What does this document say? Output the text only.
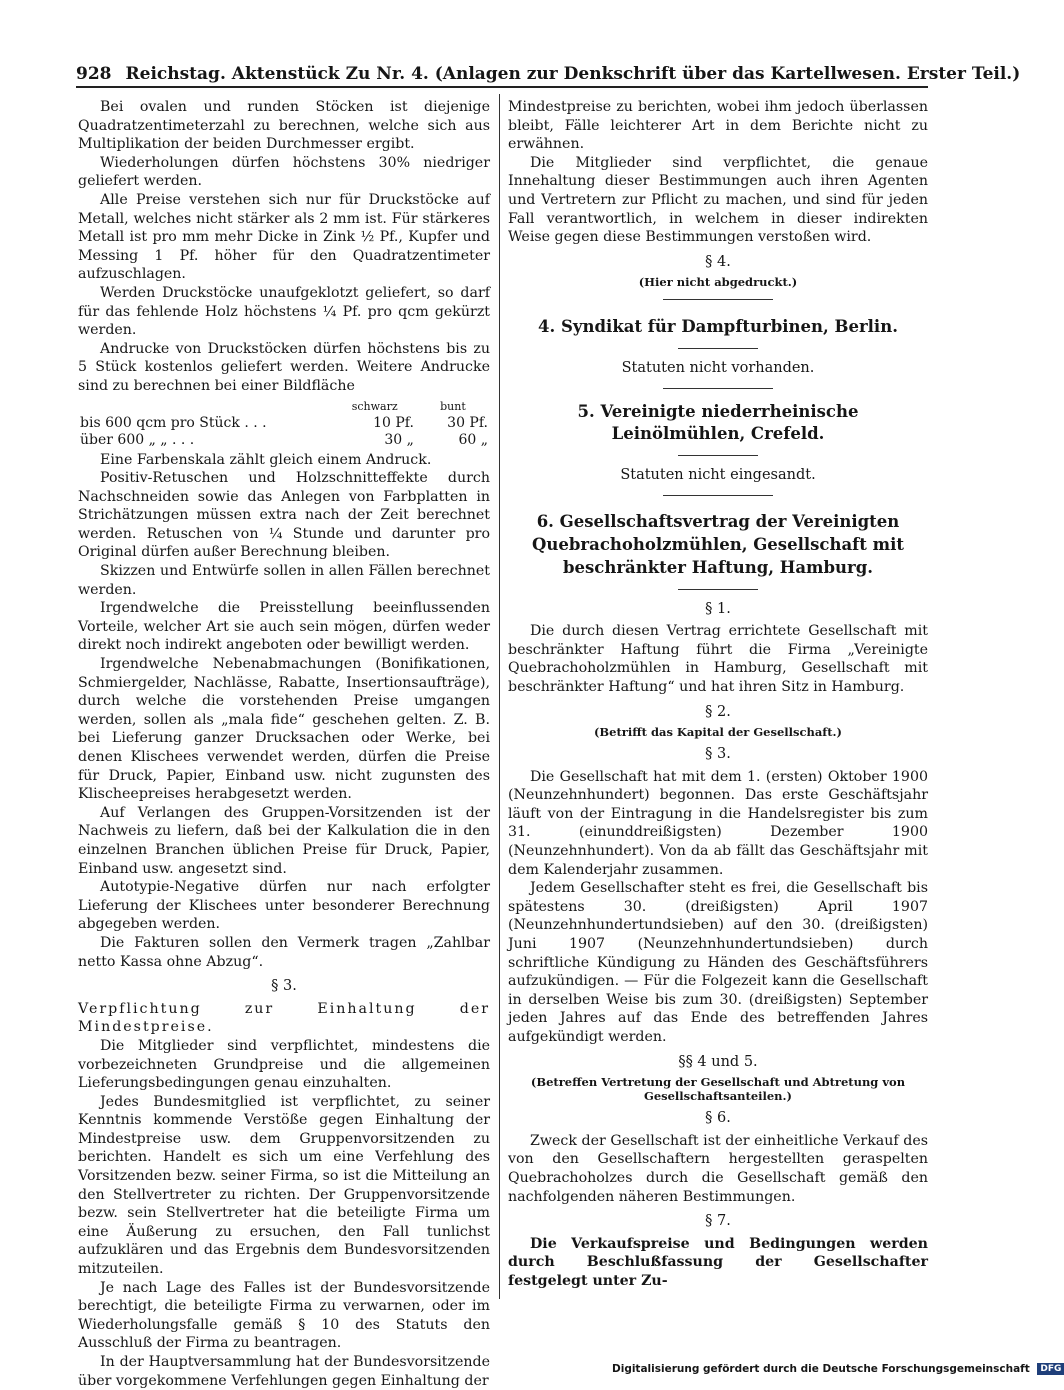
928 Reichstag. Aktenstück Zu Nr. 4. (Anlagen zur Denkschrift über das Kartellwesen. Erster Teil.)

Bei ovalen und runden Stöcken ist diejenige Quadratzentimeterzahl zu berechnen, welche sich aus Multiplikation der beiden Durchmesser ergibt.

Wiederholungen dürfen höchstens 30% niedriger geliefert werden.

Alle Preise verstehen sich nur für Druckstöcke auf Metall, welches nicht stärker als 2 mm ist. Für stärkeres Metall ist pro mm mehr Dicke in Zink ½ Pf., Kupfer und Messing 1 Pf. höher für den Quadratzentimeter aufzuschlagen.

Werden Druckstöcke unaufgeklotzt geliefert, so darf für das fehlende Holz höchstens ¼ Pf. pro qcm gekürzt werden.

Andrucke von Druckstöcken dürfen höchstens bis zu 5 Stück kostenlos geliefert werden. Weitere Andrucke sind zu berechnen bei einer Bildfläche

	schwarz	bunt
bis 600 qcm pro Stück . . .	10 Pf.	30 Pf.
über 600 „ „ . . .	30 „	60 „

Eine Farbenskala zählt gleich einem Andruck.

Positiv-Retuschen und Holzschnitteffekte durch Nachschneiden sowie das Anlegen von Farbplatten in Strichätzungen müssen extra nach der Zeit berechnet werden. Retuschen von ¼ Stunde und darunter pro Original dürfen außer Berechnung bleiben.

Skizzen und Entwürfe sollen in allen Fällen berechnet werden.

Irgendwelche die Preisstellung beeinflussenden Vorteile, welcher Art sie auch sein mögen, dürfen weder direkt noch indirekt angeboten oder bewilligt werden.

Irgendwelche Nebenabmachungen (Bonifikationen, Schmiergelder, Nachlässe, Rabatte, Insertionsaufträge), durch welche die vorstehenden Preise umgangen werden, sollen als „mala fide“ geschehen gelten. Z. B. bei Lieferung ganzer Drucksachen oder Werke, bei denen Klischees verwendet werden, dürfen die Preise für Druck, Papier, Einband usw. nicht zugunsten des Klischeepreises herabgesetzt werden.

Auf Verlangen des Gruppen-Vorsitzenden ist der Nachweis zu liefern, daß bei der Kalkulation die in den einzelnen Branchen üblichen Preise für Druck, Papier, Einband usw. angesetzt sind.

Autotypie-Negative dürfen nur nach erfolgter Lieferung der Klischees unter besonderer Berechnung abgegeben werden.

Die Fakturen sollen den Vermerk tragen „Zahlbar netto Kassa ohne Abzug“.

§ 3.

Verpflichtung zur Einhaltung der Mindestpreise.

Die Mitglieder sind verpflichtet, mindestens die vorbezeichneten Grundpreise und die allgemeinen Lieferungsbedingungen genau einzuhalten.

Jedes Bundesmitglied ist verpflichtet, zu seiner Kenntnis kommende Verstöße gegen Einhaltung der Mindestpreise usw. dem Gruppenvorsitzenden zu berichten. Handelt es sich um eine Verfehlung des Vorsitzenden bezw. seiner Firma, so ist die Mitteilung an den Stellvertreter zu richten. Der Gruppenvorsitzende bezw. sein Stellvertreter hat die beteiligte Firma um eine Äußerung zu ersuchen, den Fall tunlichst aufzuklären und das Ergebnis dem Bundesvorsitzenden mitzuteilen.

Je nach Lage des Falles ist der Bundesvorsitzende berechtigt, die beteiligte Firma zu verwarnen, oder im Wiederholungsfalle gemäß § 10 des Statuts den Ausschluß der Firma zu beantragen.

In der Hauptversammlung hat der Bundesvorsitzende über vorgekommene Verfehlungen gegen Einhaltung der

Mindestpreise zu berichten, wobei ihm jedoch überlassen bleibt, Fälle leichterer Art in dem Berichte nicht zu erwähnen.

Die Mitglieder sind verpflichtet, die genaue Innehaltung dieser Bestimmungen auch ihren Agenten und Vertretern zur Pflicht zu machen, und sind für jeden Fall verantwortlich, in welchem in dieser indirekten Weise gegen diese Bestimmungen verstoßen wird.

§ 4.
(Hier nicht abgedruckt.)

4. Syndikat für Dampfturbinen, Berlin.

Statuten nicht vorhanden.

5. Vereinigte niederrheinische Leinölmühlen, Crefeld.

Statuten nicht eingesandt.

6. Gesellschaftsvertrag der Vereinigten Quebrachoholzmühlen, Gesellschaft mit beschränkter Haftung, Hamburg.

§ 1.

Die durch diesen Vertrag errichtete Gesellschaft mit beschränkter Haftung führt die Firma „Vereinigte Quebrachoholzmühlen in Hamburg, Gesellschaft mit beschränkter Haftung“ und hat ihren Sitz in Hamburg.

§ 2.
(Betrifft das Kapital der Gesellschaft.)
§ 3.

Die Gesellschaft hat mit dem 1. (ersten) Oktober 1900 (Neunzehnhundert) begonnen. Das erste Geschäftsjahr läuft von der Eintragung in die Handelsregister bis zum 31. (einunddreißigsten) Dezember 1900 (Neunzehnhundert). Von da ab fällt das Geschäftsjahr mit dem Kalenderjahr zusammen.

Jedem Gesellschafter steht es frei, die Gesellschaft bis spätestens 30. (dreißigsten) April 1907 (Neunzehnhundertundsieben) auf den 30. (dreißigsten) Juni 1907 (Neunzehnhundertundsieben) durch schriftliche Kündigung zu Händen des Geschäftsführers aufzukündigen. — Für die Folgezeit kann die Gesellschaft in derselben Weise bis zum 30. (dreißigsten) September jeden Jahres auf das Ende des betreffenden Jahres aufgekündigt werden.

§§ 4 und 5.
(Betreffen Vertretung der Gesellschaft und Abtretung von Gesellschaftsanteilen.)
§ 6.

Zweck der Gesellschaft ist der einheitliche Verkauf des von den Gesellschaftern hergestellten geraspelten Quebrachoholzes durch die Gesellschaft gemäß den nachfolgenden näheren Bestimmungen.

§ 7.

Die Verkaufspreise und Bedingungen werden durch Beschlußfassung der Gesellschafter festgelegt unter Zu-

Digitalisierung gefördert durch die Deutsche Forschungsgemeinschaft DFG
